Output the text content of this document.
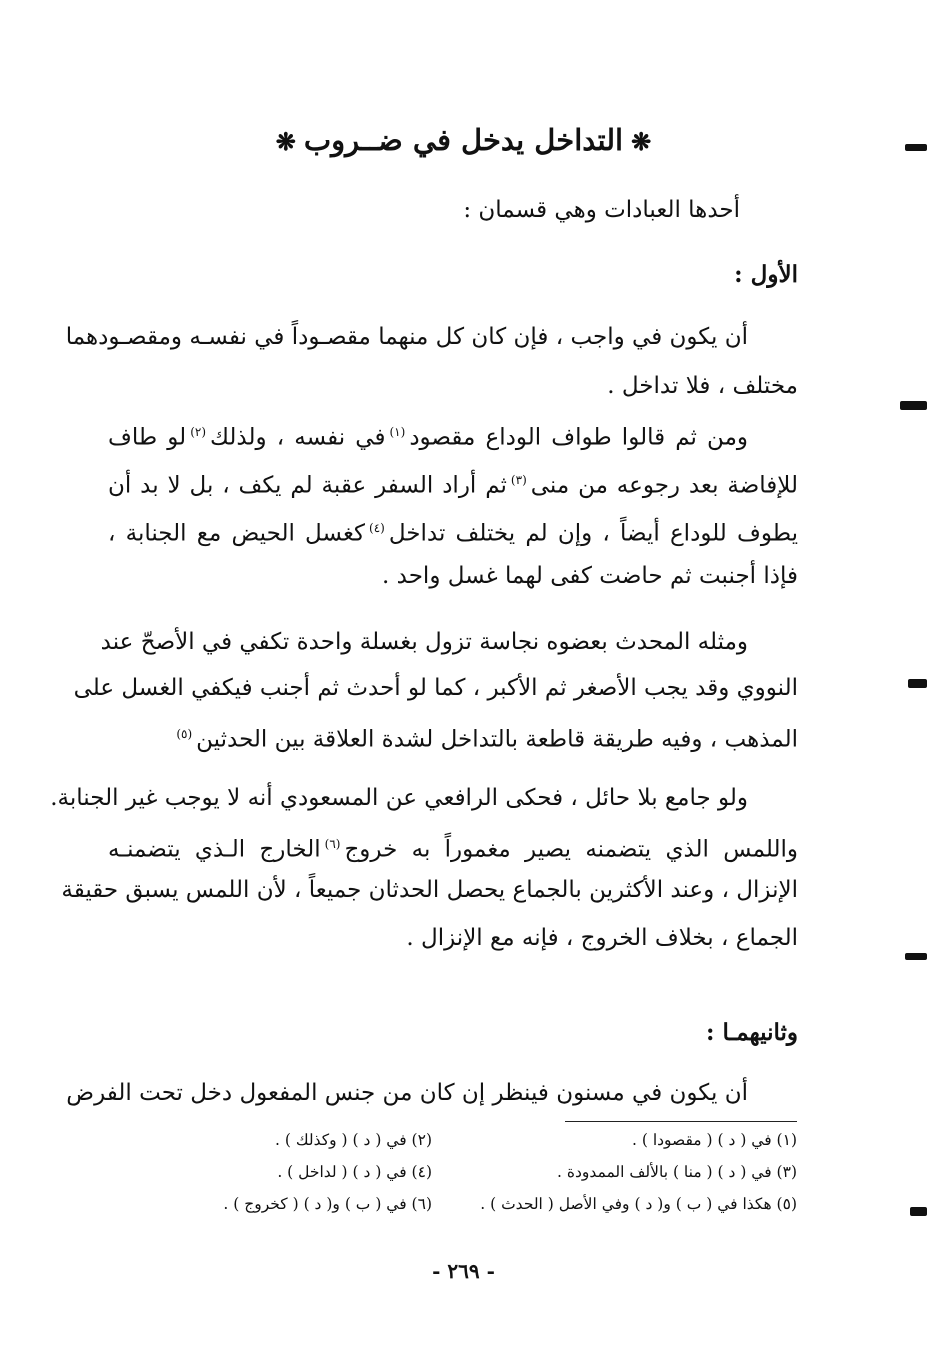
❋التداخل يدخل في ضــروب❋
أحدها العبادات وهي قسمان :
الأول :
أن يكون في واجب ، فإن كان كل منهما مقصـوداً في نفسـه ومقصـودهما
مختلف ، فلا تداخل .
ومن ثم قالوا طواف الوداع مقصود$^{(١)}$في نفسه ، ولذلك$^{(٢)}$لو طاف
للإفاضة بعد رجوعه من منى$^{(٣)}$ثم أراد السفر عقبة لم يكف ، بل لا بد أن
يطوف للوداع أيضاً ، وإن لم يختلف تداخل$^{(٤)}$كغسل الحيض مع الجنابة ،
فإذا أجنبت ثم حاضت كفى لهما غسل واحد .
ومثله المحدث بعضوه نجاسة تزول بغسلة واحدة تكفي في الأصحّ عند
النووي وقد يجب الأصغر ثم الأكبر ، كما لو أحدث ثم أجنب فيكفي الغسل على
المذهب ، وفيه طريقة قاطعة بالتداخل لشدة العلاقة بين الحدثين$^{(٥)}$
ولو جامع بلا حائل ، فحكى الرافعي عن المسعودي أنه لا يوجب غير الجنابة.
واللمس الذي يتضمنه يصير مغموراً به خروج$^{(٦)}$الخارج الـذي يتضمنـه
الإنزال ، وعند الأكثرين بالجماع يحصل الحدثان جميعاً ، لأن اللمس يسبق حقيقة
الجماع ، بخلاف الخروج ، فإنه مع الإنزال .
وثانيهمـا :
أن يكون في مسنون فينظر إن كان من جنس المفعول دخل تحت الفرض
(١) في ( د ) ( مقصودا ) .
(٢) في ( د ) ( وكذلك ) .
(٣) في ( د ) ( منا ) بالألف الممدودة .
(٤) في ( د ) ( لداخل ) .
(٥) هكذا في ( ب ) و( د ) وفي الأصل ( الحدث ) .
(٦) في ( ب ) و( د ) ( كخروج ) .
- ٢٦٩ -
